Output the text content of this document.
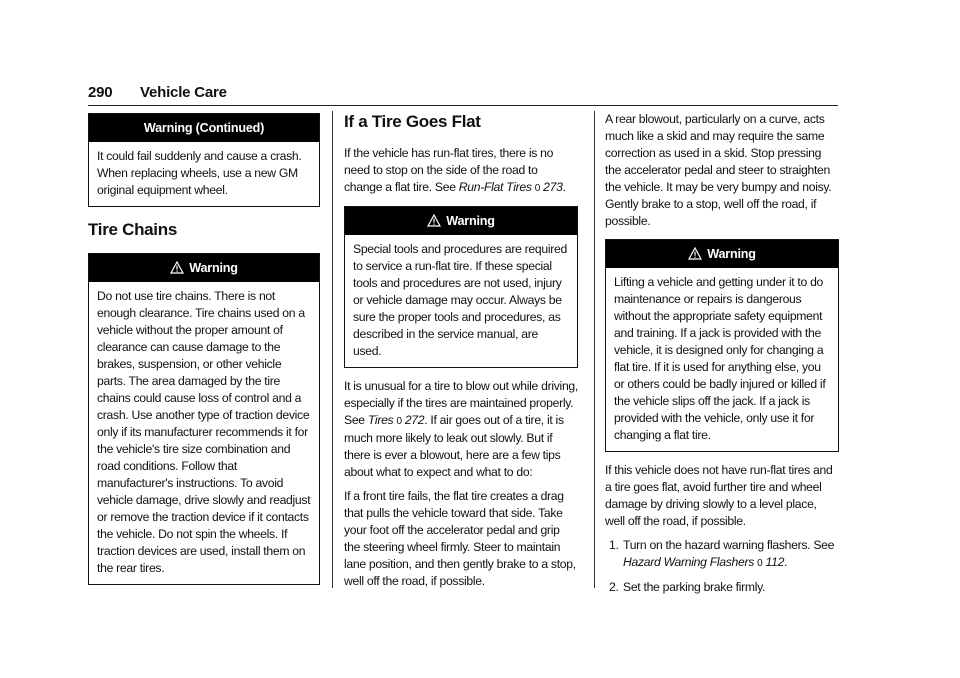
290 Vehicle Care
Warning (Continued)
It could fail suddenly and cause a crash. When replacing wheels, use a new GM original equipment wheel.
Tire Chains
Warning
Do not use tire chains. There is not enough clearance. Tire chains used on a vehicle without the proper amount of clearance can cause damage to the brakes, suspension, or other vehicle parts. The area damaged by the tire chains could cause loss of control and a crash. Use another type of traction device only if its manufacturer recommends it for the vehicle's tire size combination and road conditions. Follow that manufacturer's instructions. To avoid vehicle damage, drive slowly and readjust or remove the traction device if it contacts the vehicle. Do not spin the wheels. If traction devices are used, install them on the rear tires.
If a Tire Goes Flat

If the vehicle has run-flat tires, there is no need to stop on the side of the road to change a flat tire. See Run-Flat Tires 0 273.

Warning
Special tools and procedures are required to service a run-flat tire. If these special tools and procedures are not used, injury or vehicle damage may occur. Always be sure the proper tools and procedures, as described in the service manual, are used.

It is unusual for a tire to blow out while driving, especially if the tires are maintained properly. See Tires 0 272. If air goes out of a tire, it is much more likely to leak out slowly. But if there is ever a blowout, here are a few tips about what to expect and what to do:

If a front tire fails, the flat tire creates a drag that pulls the vehicle toward that side. Take your foot off the accelerator pedal and grip the steering wheel firmly. Steer to maintain lane position, and then gently brake to a stop, well off the road, if possible.

A rear blowout, particularly on a curve, acts much like a skid and may require the same correction as used in a skid. Stop pressing the accelerator pedal and steer to straighten the vehicle. It may be very bumpy and noisy. Gently brake to a stop, well off the road, if possible.

Warning
Lifting a vehicle and getting under it to do maintenance or repairs is dangerous without the appropriate safety equipment and training. If a jack is provided with the vehicle, it is designed only for changing a flat tire. If it is used for anything else, you or others could be badly injured or killed if the vehicle slips off the jack. If a jack is provided with the vehicle, only use it for changing a flat tire.

If this vehicle does not have run-flat tires and a tire goes flat, avoid further tire and wheel damage by driving slowly to a level place, well off the road, if possible.

1. Turn on the hazard warning flashers. See
Hazard Warning Flashers 0 112.
2. Set the parking brake firmly.
